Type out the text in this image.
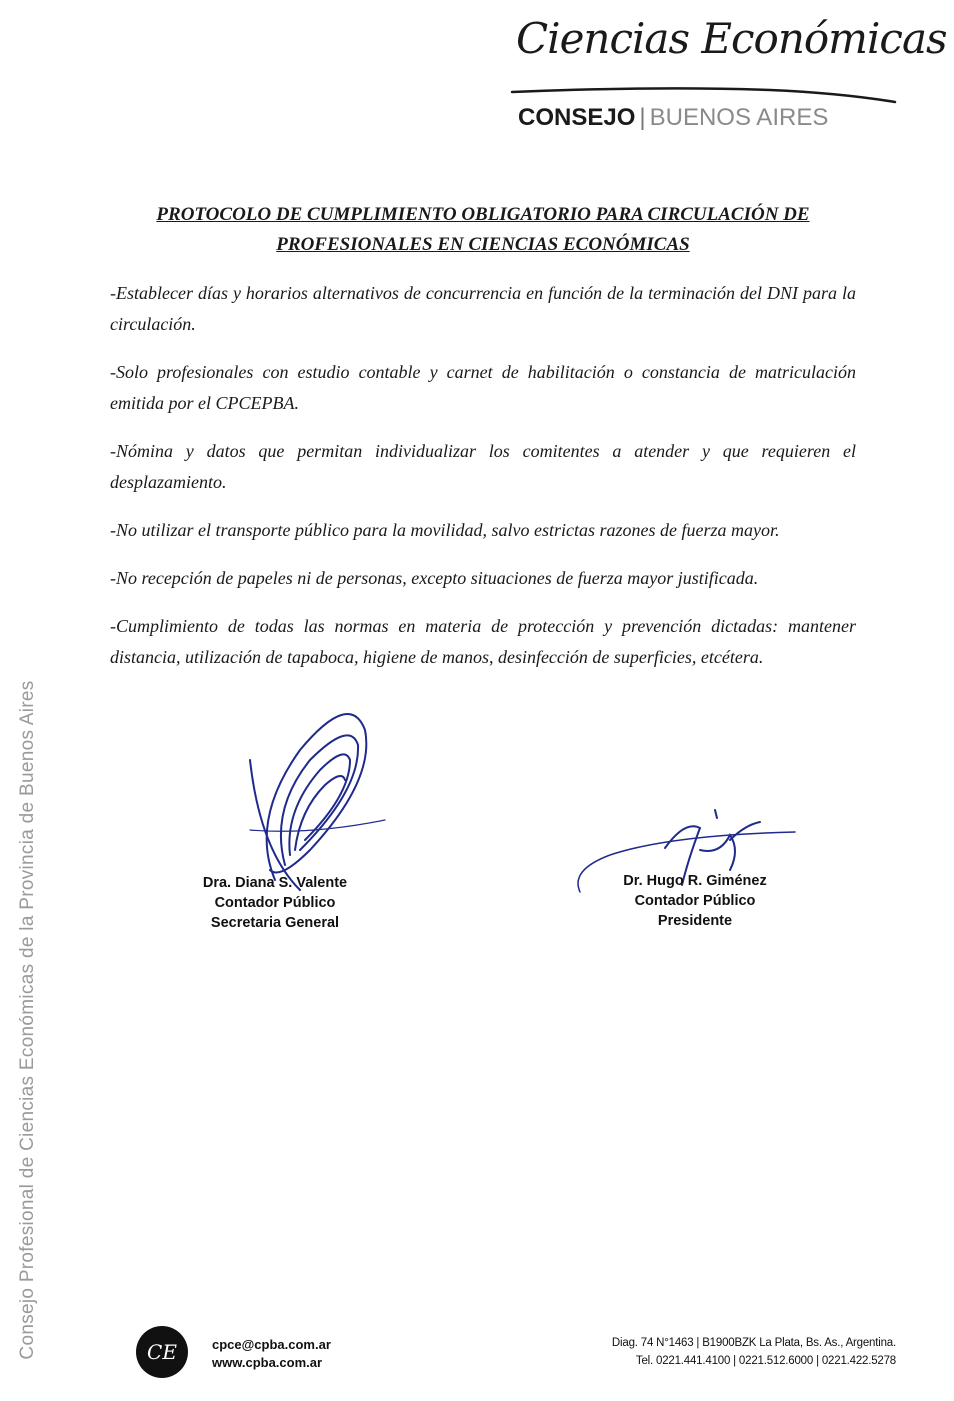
Ciencias Económicas
CONSEJO | BUENOS AIRES
PROTOCOLO DE CUMPLIMIENTO OBLIGATORIO PARA CIRCULACIÓN DE
PROFESIONALES EN CIENCIAS ECONÓMICAS

-Establecer días y horarios alternativos de concurrencia en función de la terminación del DNI para la circulación.

-Solo profesionales con estudio contable y carnet de habilitación o constancia de matriculación emitida por el CPCEPBA.

-Nómina y datos que permitan individualizar los comitentes a atender y que requieren el desplazamiento.

-No utilizar el transporte público para la movilidad, salvo estrictas razones de fuerza mayor.

-No recepción de papeles ni de personas, excepto situaciones de fuerza mayor justificada.

-Cumplimiento de todas las normas en materia de protección y prevención dictadas: mantener distancia, utilización de tapaboca, higiene de manos, desinfección de superficies, etcétera.

Consejo Profesional de Ciencias Económicas de la Provincia de Buenos Aires	Dra. Diana S. Valente
Contador Público
Secretaria General
Dr. Hugo R. Giménez
Contador Público
Presidente
CE	cpce@cpba.com.ar
www.cpba.com.ar
Diag. 74 N°1463 | B1900BZK La Plata, Bs. As., Argentina.
Tel. 0221.441.4100 | 0221.512.6000 | 0221.422.5278
